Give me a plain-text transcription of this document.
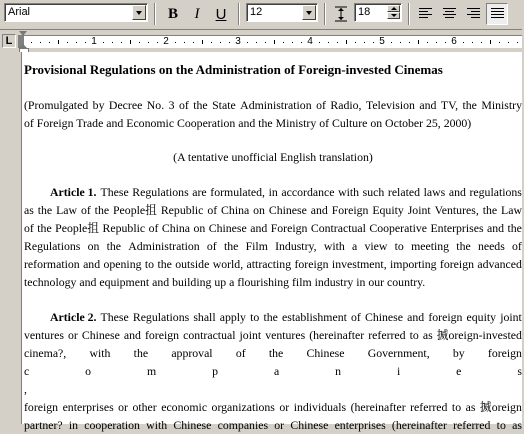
Arial	B I U 12	18
L	1	2	3	4	5	6
Provisional Regulations on the Administration of Foreign-invested Cinemas
(Promulgated by Decree No. 3 of the State Administration of Radio, Television and TV, the Ministry
of Foreign Trade and Economic Cooperation and the Ministry of Culture on October 25, 2000)
(A tentative unofficial English translation)
Article 1. These Regulations are formulated, in accordance with such related laws and regulations
as the Law of the People抯 Republic of China on Chinese and Foreign Equity Joint Ventures, the Law
of the People抯 Republic of China on Chinese and Foreign Contractual Cooperative Enterprises and the
Regulations on the Administration of the Film Industry, with a view to meeting the needs of
reformation and opening to the outside world, attracting foreign investment, importing foreign advanced
technology and equipment and building up a flourishing film industry in our country.
Article 2. These Regulations shall apply to the establishment of Chinese and foreign equity joint
ventures or Chinese and foreign contractual joint ventures (hereinafter referred to as 揻oreign-invested
cinema?, with the approval of the Chinese Government, by foreign
c	o	m	p	a	n	i	e	s
,
foreign enterprises or other economic organizations or individuals (hereinafter referred to as 揻oreign
partner? in cooperation with Chinese companies or Chinese enterprises (hereinafter referred to as
